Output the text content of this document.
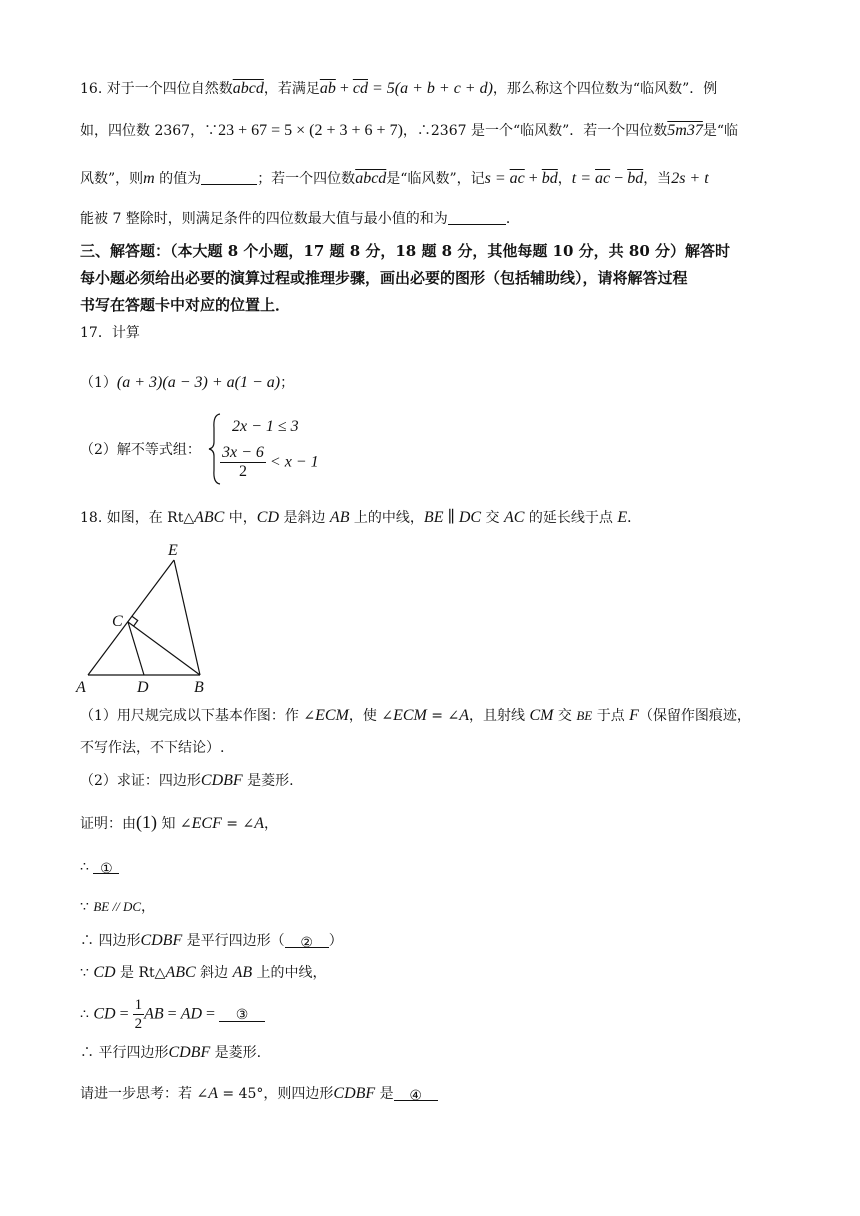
16. 对于一个四位自然数abcd，若满足$\overline{ab} + \overline{cd} = 5(a + b + c + d)$，那么称这个四位数为“临风数”．例
如，四位数 2367，∵23 + 67 = 5 × (2 + 3 + 6 + 7)，∴2367 是一个“临风数”．若一个四位数5m37是“临
风数”，则m 的值为	；若一个四位数abcd是“临风数”，记$s = \overline{ac} + \overline{bd}$，$t = \overline{ac} - \overline{bd}$，当2s + t
能被 7 整除时，则满足条件的四位数最大值与最小值的和为	．
三、解答题：（本大题 8 个小题，17 题 8 分，18 题 8 分，其他每题 10 分，共 80 分）解答时
每小题必须给出必要的演算过程或推理步骤，画出必要的图形（包括辅助线），请将解答过程
书写在答题卡中对应的位置上．
17．计算
（1）(a + 3)(a − 3) + a(1 − a)；
（2）解不等式组：
2x − 1 ≤ 3
$\frac{3x - 6}{2} < x - 1$
18. 如图，在 Rt△ABC 中，CD 是斜边 AB 上的中线，BE ∥ DC 交 AC 的延长线于点 E．
E
C
A	D	B
（1）用尺规完成以下基本作图：作 ∠ECM，使 ∠ECM = ∠A，且射线 CM 交 BE 于点 F（保留作图痕迹，
不写作法，不下结论）.
（2）求证：四边形CDBF 是菱形.
证明：由(1) 知 ∠ECF = ∠A，
∴ ①
∵ BE // DC，
∴ 四边形CDBF 是平行四边形（ ② ）
∵ CD 是 Rt△ABC 斜边 AB 上的中线，
∴ CD = $\frac{1}{2}$ AB = AD = ③
∴ 平行四边形CDBF 是菱形.
请进一步思考：若 ∠A = 45°，则四边形CDBF 是 ④
